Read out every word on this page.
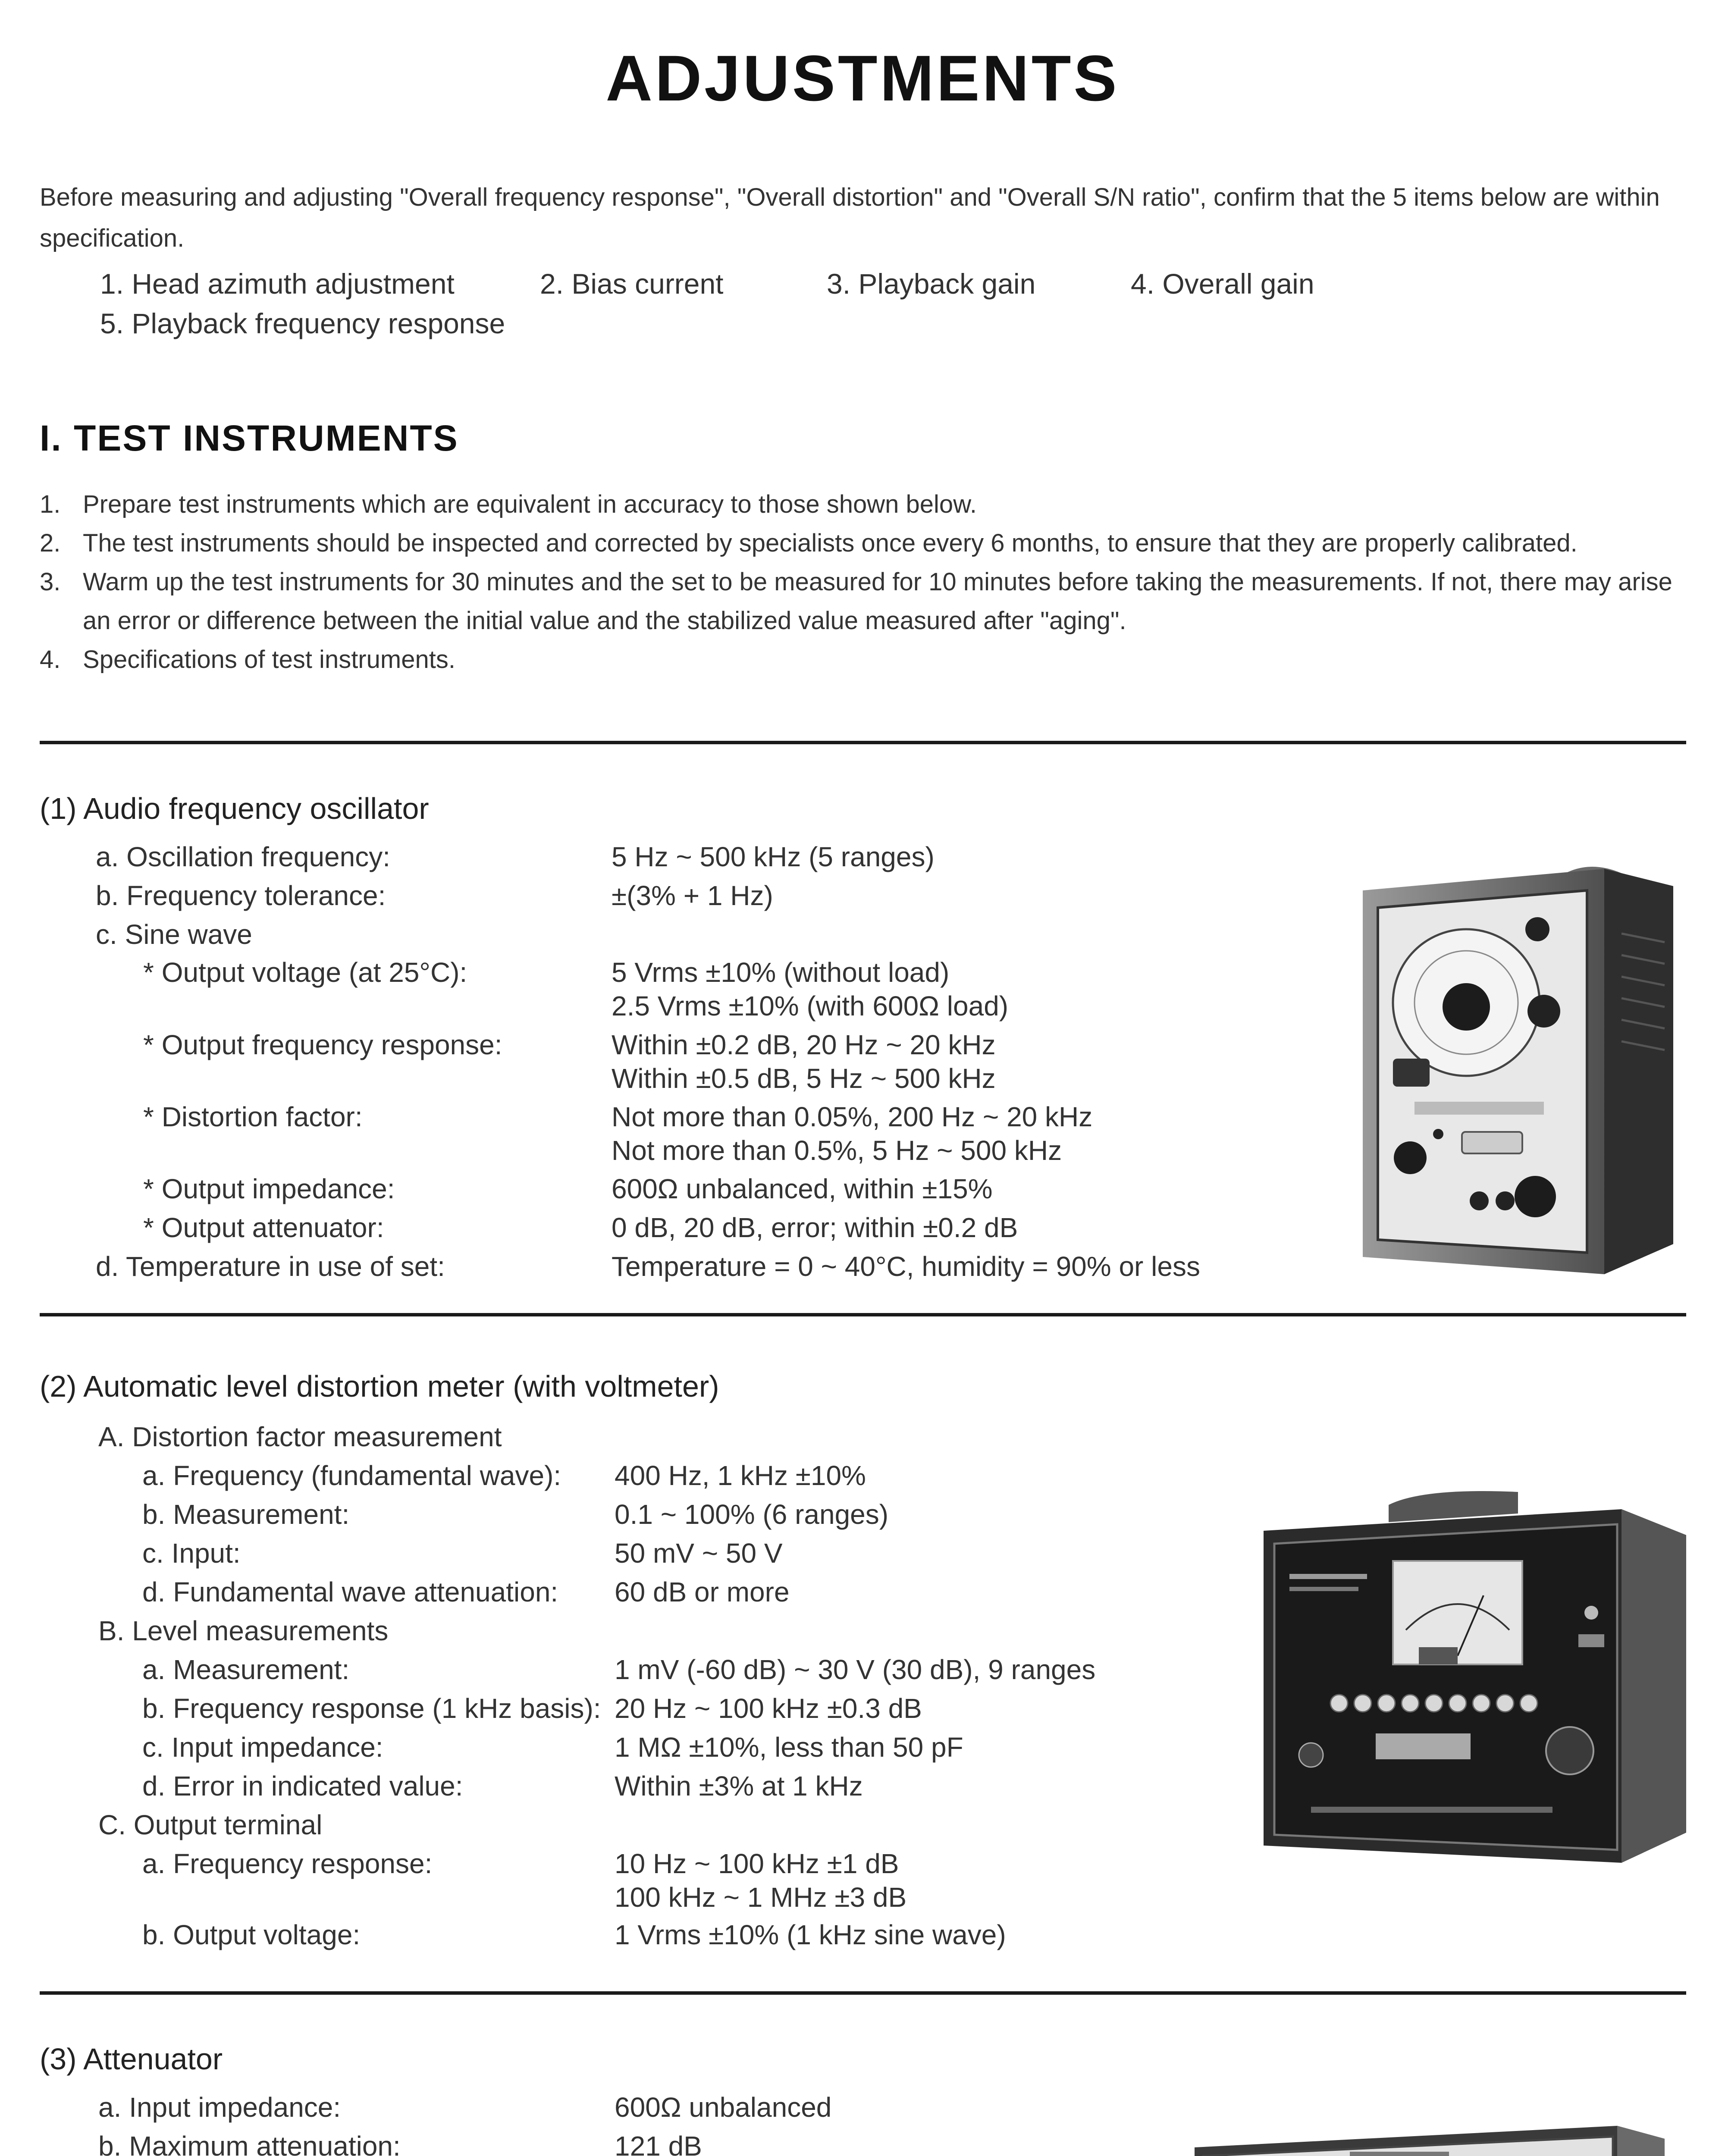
ADJUSTMENTS
Before measuring and adjusting "Overall frequency response", "Overall distortion" and "Overall S/N ratio", confirm that the 5 items below are within specification.
1. Head azimuth adjustment	2. Bias current	3. Playback gain	4. Overall gain
5. Playback frequency response
I. TEST INSTRUMENTS
1. Prepare test instruments which are equivalent in accuracy to those shown below.
2. The test instruments should be inspected and corrected by specialists once every 6 months, to ensure that they are properly calibrated.
3. Warm up the test instruments for 30 minutes and the set to be measured for 10 minutes before taking the measurements. If not, there may arise an error or difference between the initial value and the stabilized value measured after "aging".
4. Specifications of test instruments.
(1) Audio frequency oscillator
a. Oscillation frequency:	5 Hz ~ 500 kHz (5 ranges)
b. Frequency tolerance:	±(3% + 1 Hz)
c. Sine wave
* Output voltage (at 25°C):	5 Vrms ±10% (without load)
2.5 Vrms ±10% (with 600Ω load)
* Output frequency response:	Within ±0.2 dB, 20 Hz ~ 20 kHz
Within ±0.5 dB, 5 Hz ~ 500 kHz
* Distortion factor:	Not more than 0.05%, 200 Hz ~ 20 kHz
Not more than 0.5%, 5 Hz ~ 500 kHz
* Output impedance:	600Ω unbalanced, within ±15%
* Output attenuator:	0 dB, 20 dB, error; within ±0.2 dB
d. Temperature in use of set:	Temperature = 0 ~ 40°C, humidity = 90% or less
(2) Automatic level distortion meter (with voltmeter)
A. Distortion factor measurement
a. Frequency (fundamental wave): 400 Hz, 1 kHz ±10%
b. Measurement:	0.1 ~ 100% (6 ranges)
c. Input:	50 mV ~ 50 V
d. Fundamental wave attenuation: 60 dB or more
B. Level measurements
a. Measurement:	1 mV (-60 dB) ~ 30 V (30 dB), 9 ranges
b. Frequency response (1 kHz basis): 20 Hz ~ 100 kHz ±0.3 dB
c. Input impedance:	1 MΩ ±10%, less than 50 pF
d. Error in indicated value:	Within ±3% at 1 kHz
C. Output terminal
a. Frequency response:	10 Hz ~ 100 kHz ±1 dB
100 kHz ~ 1 MHz ±3 dB
b. Output voltage:	1 Vrms ±10% (1 kHz sine wave)
(3) Attenuator
a. Input impedance:	600Ω unbalanced
b. Maximum attenuation:	121 dB
